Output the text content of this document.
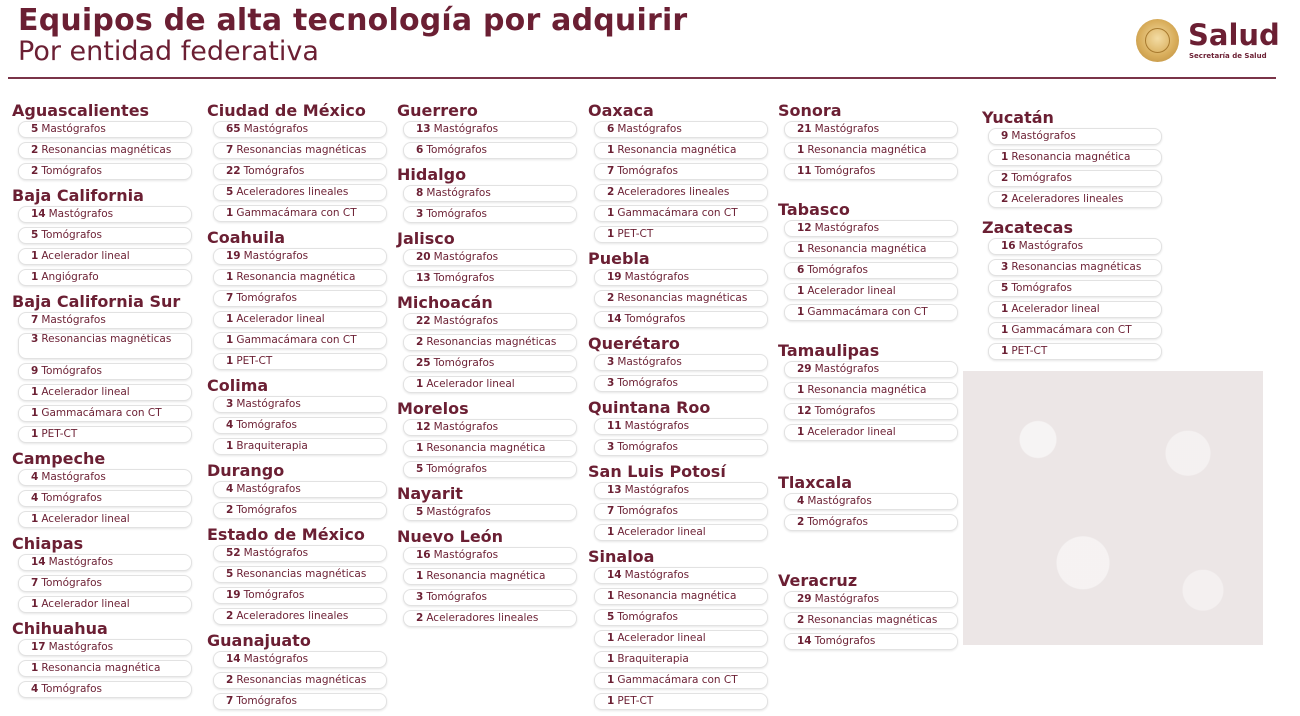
Equipos de alta tecnología por adquirir
Por entidad federativa	Salud
Secretaría de Salud
Aguascalientes
5 Mastógrafos
2 Resonancias magnéticas
2 Tomógrafos
Baja California
14 Mastógrafos
5 Tomógrafos
1 Acelerador lineal
1 Angiógrafo
Baja California Sur
7 Mastógrafos
3 Resonancias magnéticas
9 Tomógrafos
1 Acelerador lineal
1 Gammacámara con CT
1 PET-CT
Campeche
4 Mastógrafos
4 Tomógrafos
1 Acelerador lineal
Chiapas
14 Mastógrafos
7 Tomógrafos
1 Acelerador lineal
Chihuahua
17 Mastógrafos
1 Resonancia magnética
4 Tomógrafos
Ciudad de México
65 Mastógrafos
7 Resonancias magnéticas
22 Tomógrafos
5 Aceleradores lineales
1 Gammacámara con CT
Coahuila
19 Mastógrafos
1 Resonancia magnética
7 Tomógrafos
1 Acelerador lineal
1 Gammacámara con CT
1 PET-CT
Colima
3 Mastógrafos
4 Tomógrafos
1 Braquiterapia
Durango
4 Mastógrafos
2 Tomógrafos
Estado de México
52 Mastógrafos
5 Resonancias magnéticas
19 Tomógrafos
2 Aceleradores lineales
Guanajuato
14 Mastógrafos
2 Resonancias magnéticas
7 Tomógrafos
Guerrero
13 Mastógrafos
6 Tomógrafos
Hidalgo
8 Mastógrafos
3 Tomógrafos
Jalisco
20 Mastógrafos
13 Tomógrafos
Michoacán
22 Mastógrafos
2 Resonancias magnéticas
25 Tomógrafos
1 Acelerador lineal
Morelos
12 Mastógrafos
1 Resonancia magnética
5 Tomógrafos
Nayarit
5 Mastógrafos
Nuevo León
16 Mastógrafos
1 Resonancia magnética
3 Tomógrafos
2 Aceleradores lineales
Oaxaca
6 Mastógrafos
1 Resonancia magnética
7 Tomógrafos
2 Aceleradores lineales
1 Gammacámara con CT
1 PET-CT
Puebla
19 Mastógrafos
2 Resonancias magnéticas
14 Tomógrafos
Querétaro
3 Mastógrafos
3 Tomógrafos
Quintana Roo
11 Mastógrafos
3 Tomógrafos
San Luis Potosí
13 Mastógrafos
7 Tomógrafos
1 Acelerador lineal
Sinaloa
14 Mastógrafos
1 Resonancia magnética
5 Tomógrafos
1 Acelerador lineal
1 Braquiterapia
1 Gammacámara con CT
1 PET-CT
Sonora
21 Mastógrafos
1 Resonancia magnética
11 Tomógrafos
Tabasco
12 Mastógrafos
1 Resonancia magnética
6 Tomógrafos
1 Acelerador lineal
1 Gammacámara con CT
Tamaulipas
29 Mastógrafos
1 Resonancia magnética
12 Tomógrafos
1 Acelerador lineal
Tlaxcala
4 Mastógrafos
2 Tomógrafos
Veracruz
29 Mastógrafos
2 Resonancias magnéticas
14 Tomógrafos
Yucatán
9 Mastógrafos
1 Resonancia magnética
2 Tomógrafos
2 Aceleradores lineales
Zacatecas
16 Mastógrafos
3 Resonancias magnéticas
5 Tomógrafos
1 Acelerador lineal
1 Gammacámara con CT
1 PET-CT
